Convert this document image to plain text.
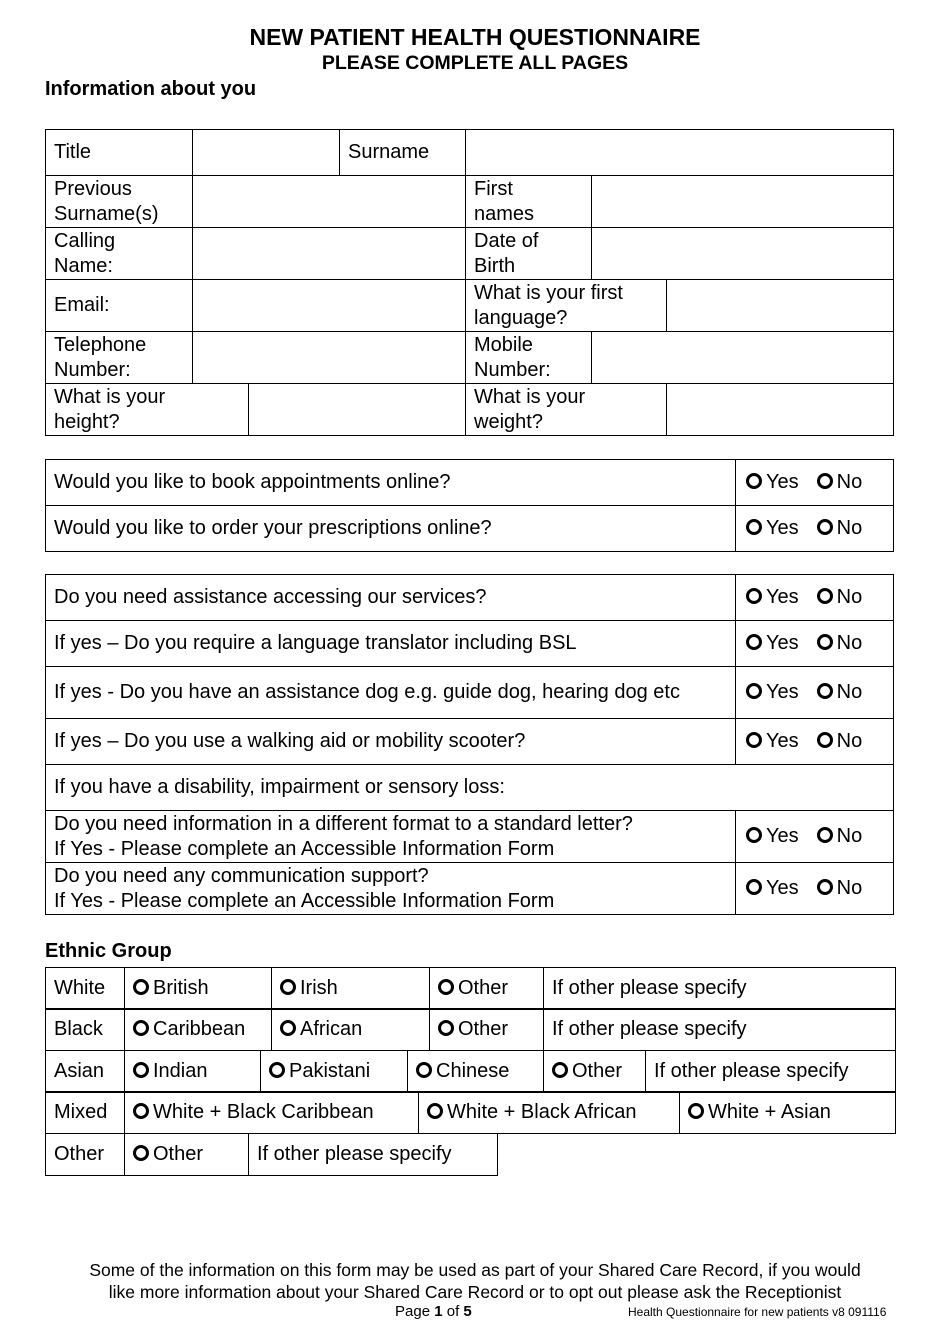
NEW PATIENT HEALTH QUESTIONNAIRE
PLEASE COMPLETE ALL PAGES
Information about you
Title			Surname			
Previous Surname(s)				First names		
Calling Name:				Date of Birth		
Email:				What is your first language?		
Telephone Number:				Mobile Number:		
What is your height?				What is your weight?		
Would you like to book appointments online?	Yes No
Would you like to order your prescriptions online?	Yes No
Do you need assistance accessing our services?	Yes No
If yes – Do you require a language translator including BSL	Yes No
If yes - Do you have an assistance dog e.g. guide dog, hearing dog etc	Yes No
If yes – Do you use a walking aid or mobility scooter?	Yes No
If you have a disability, impairment or sensory loss:	

Do you need information in a different format to a standard letter?
If Yes - Please complete an Accessible Information Form	Yes No

Do you need any communication support?
If Yes - Please complete an Accessible Information Form	Yes No
Ethnic Group
White	British	Irish	Other	If other please specify
Black	Caribbean	African	Other	If other please specify
Asian	Indian	Pakistani	Chinese	Other	If other please specify
Mixed	White + Black Caribbean	White + Black African	White + Asian
Other	Other	If other please specify	
Some of the information on this form may be used as part of your Shared Care Record, if you would
like more information about your Shared Care Record or to opt out please ask the Receptionist
Page 1 of 5	Health Questionnaire for new patients v8 091116
